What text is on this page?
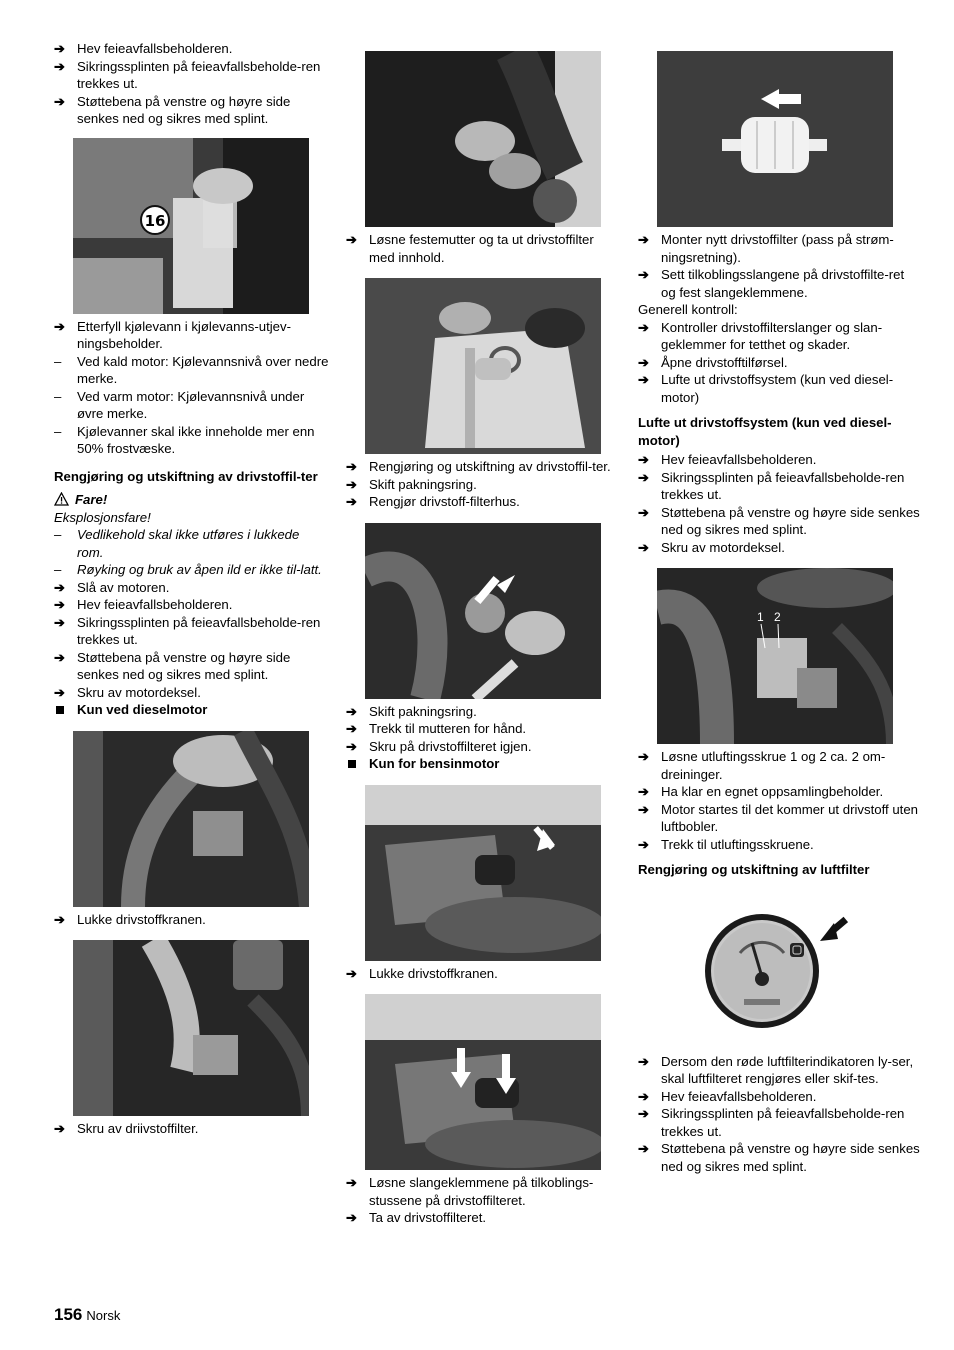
➔ Hev feieavfallsbeholderen.
➔ Sikringssplinten på feieavfallsbeholde-ren trekkes ut.
➔ Støttebena på venstre og høyre side senkes ned og sikres med splint.
16
➔ Etterfyll kjølevann i kjølevanns-utjev-ningsbeholder.
–	Ved kald motor: Kjølevannsnivå over nedre merke.
–	Ved varm motor: Kjølevannsnivå under øvre merke.
–	Kjølevanner skal ikke inneholde mer enn 50% frostvæske.
Rengjøring og utskiftning av drivstoffil-ter
Fare!
Eksplosjonsfare!
–	Vedlikehold skal ikke utføres i lukkede rom.
–	Røyking og bruk av åpen ild er ikke til-latt.
➔ Slå av motoren.
➔ Hev feieavfallsbeholderen.
➔ Sikringssplinten på feieavfallsbeholde-ren trekkes ut.
➔ Støttebena på venstre og høyre side senkes ned og sikres med splint.
➔ Skru av motordeksel.
Kun ved dieselmotor
➔ Lukke drivstoffkranen.
➔ Skru av driivstoffilter.
➔ Løsne festemutter og ta ut drivstoffilter med innhold.
➔ Rengjøring og utskiftning av drivstoffil-ter.
➔ Skift pakningsring.
➔ Rengjør drivstoff-filterhus.
➔ Skift pakningsring.
➔ Trekk til mutteren for hånd.
➔ Skru på drivstoffilteret igjen.
Kun for bensinmotor
➔ Lukke drivstoffkranen.
➔ Løsne slangeklemmene på tilkoblings-stussene på drivstoffilteret.
➔ Ta av drivstoffilteret.
➔ Monter nytt drivstoffilter (pass på strøm-ningsretning).
➔ Sett tilkoblingsslangene på drivstoffilte-ret og fest slangeklemmene.
Generell kontroll:
➔ Kontroller drivstoffilterslanger og slan-geklemmer for tetthet og skader.
➔ Åpne drivstofftilførsel.
➔ Lufte ut drivstoffsystem (kun ved diesel-motor)
Lufte ut drivstoffsystem (kun ved diesel-motor)
➔ Hev feieavfallsbeholderen.
➔ Sikringssplinten på feieavfallsbeholde-ren trekkes ut.
➔ Støttebena på venstre og høyre side senkes ned og sikres med splint.
➔ Skru av motordeksel.
1 2
➔ Løsne utluftingsskrue 1 og 2 ca. 2 om-dreininger.
➔ Ha klar en egnet oppsamlingbeholder.
➔ Motor startes til det kommer ut drivstoff uten luftbobler.
➔ Trekk til utluftingsskruene.
Rengjøring og utskiftning av luftfilter
➔ Dersom den røde luftfilterindikatoren ly-ser, skal luftfilteret rengjøres eller skif-tes.
➔ Hev feieavfallsbeholderen.
➔ Sikringssplinten på feieavfallsbeholde-ren trekkes ut.
➔ Støttebena på venstre og høyre side senkes ned og sikres med splint.
156 Norsk
